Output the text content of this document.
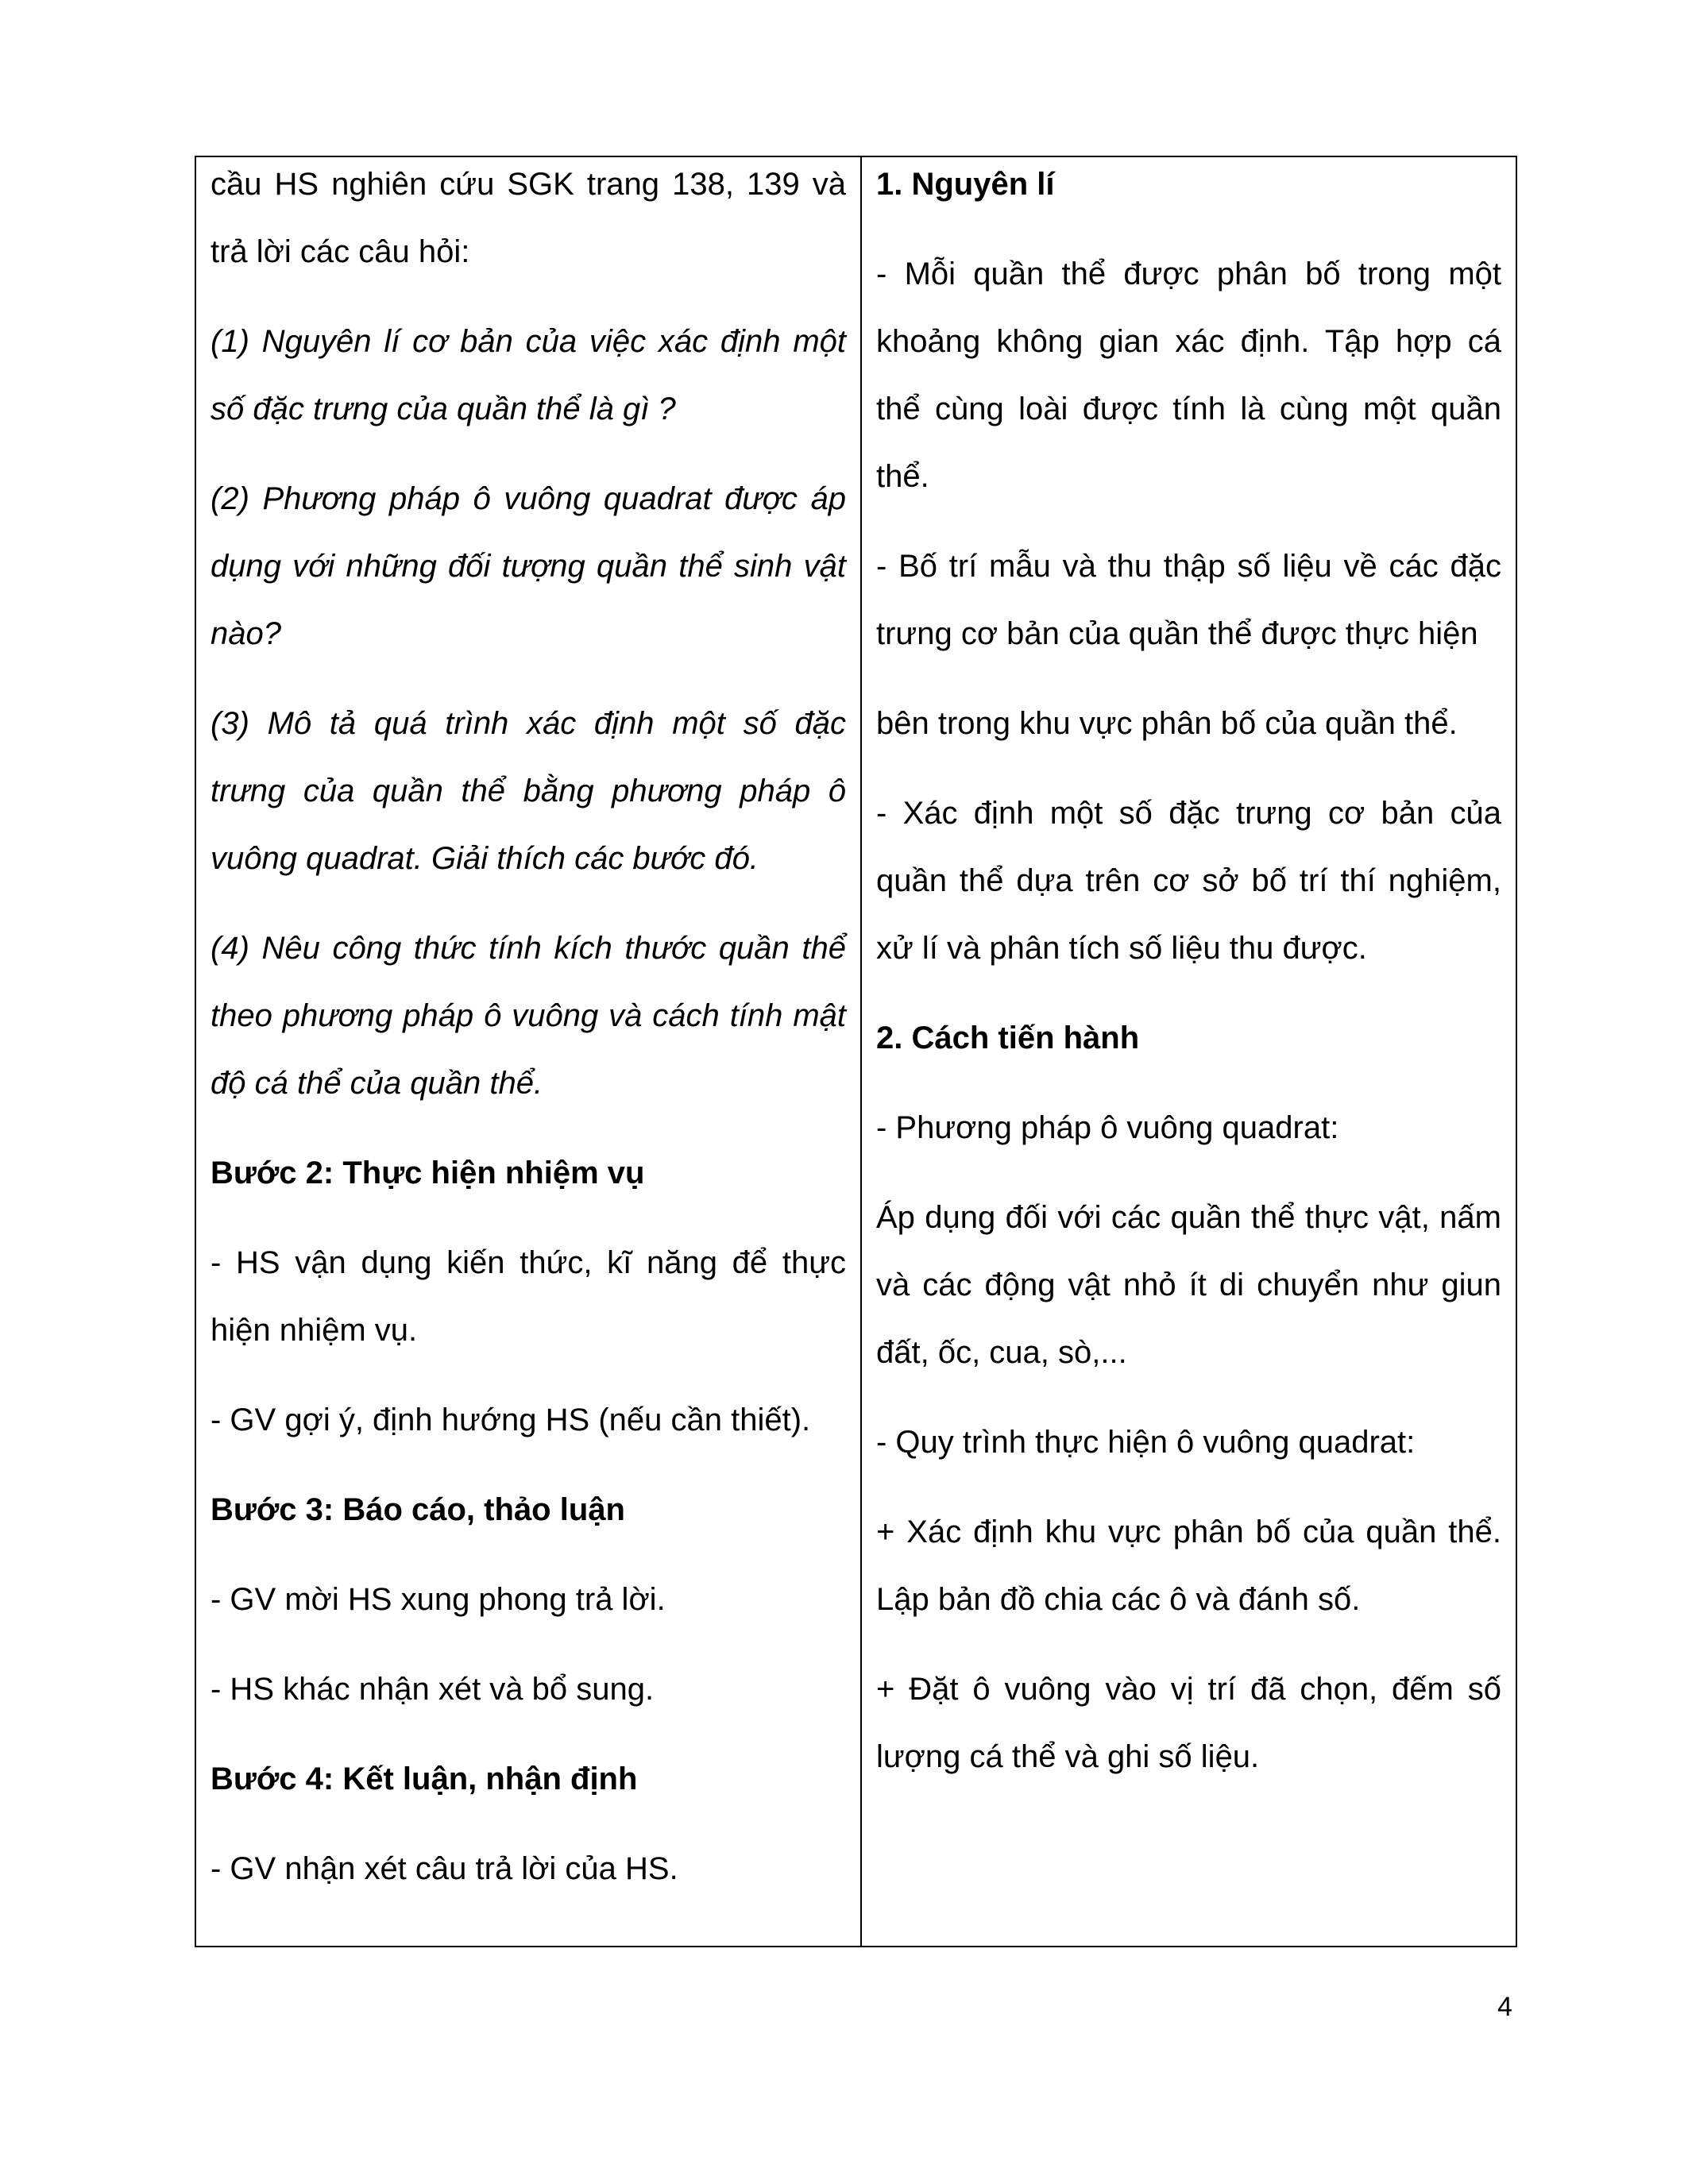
cầu HS nghiên cứu SGK trang 138, 139 và trả lời các câu hỏi:

(1) Nguyên lí cơ bản của việc xác định một số đặc trưng của quần thể là gì ?

(2) Phương pháp ô vuông quadrat được áp dụng với những đối tượng quần thể sinh vật nào?

(3) Mô tả quá trình xác định một số đặc trưng của quần thể bằng phương pháp ô vuông quadrat. Giải thích các bước đó.

(4) Nêu công thức tính kích thước quần thể theo phương pháp ô vuông và cách tính mật độ cá thể của quần thể.

Bước 2: Thực hiện nhiệm vụ

- HS vận dụng kiến thức, kĩ năng để thực hiện nhiệm vụ.

- GV gợi ý, định hướng HS (nếu cần thiết).

Bước 3: Báo cáo, thảo luận

- GV mời HS xung phong trả lời.

- HS khác nhận xét và bổ sung.

Bước 4: Kết luận, nhận định

- GV nhận xét câu trả lời của HS.

1. Nguyên lí

- Mỗi quần thể được phân bố trong một khoảng không gian xác định. Tập hợp cá thể cùng loài được tính là cùng một quần thể.

- Bố trí mẫu và thu thập số liệu về các đặc trưng cơ bản của quần thể được thực hiện

bên trong khu vực phân bố của quần thể.

- Xác định một số đặc trưng cơ bản của quần thể dựa trên cơ sở bố trí thí nghiệm, xử lí và phân tích số liệu thu được.

2. Cách tiến hành

- Phương pháp ô vuông quadrat:

Áp dụng đối với các quần thể thực vật, nấm và các động vật nhỏ ít di chuyển như giun đất, ốc, cua, sò,...

- Quy trình thực hiện ô vuông quadrat:

+ Xác định khu vực phân bố của quần thể. Lập bản đồ chia các ô và đánh số.

+ Đặt ô vuông vào vị trí đã chọn, đếm số lượng cá thể và ghi số liệu.

4
